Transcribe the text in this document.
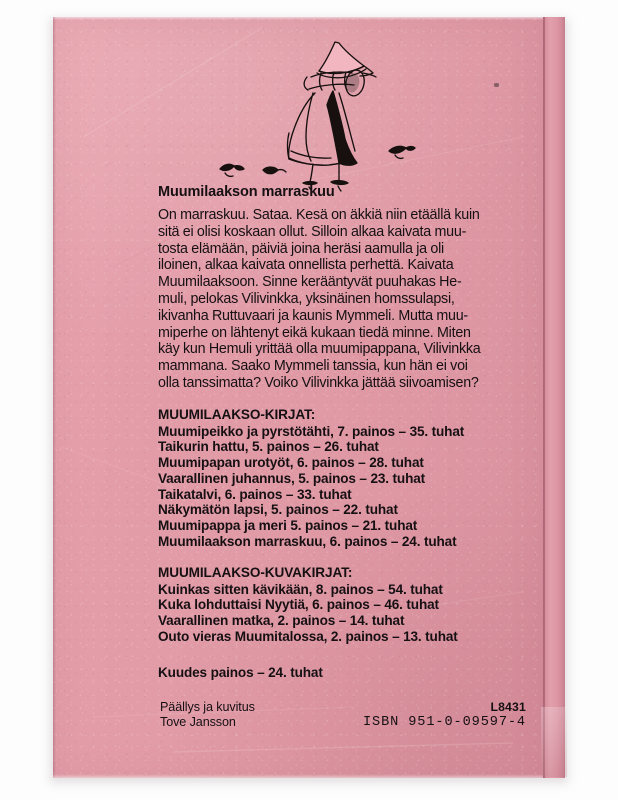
Muumilaakson marraskuu
On marraskuu. Sataa. Kesä on äkkiä niin etäällä kuin
sitä ei olisi koskaan ollut. Silloin alkaa kaivata muu-
tosta elämään, päiviä joina heräsi aamulla ja oli
iloinen, alkaa kaivata onnellista perhettä. Kaivata
Muumilaaksoon. Sinne kerääntyvät puuhakas He-
muli, pelokas Vilivinkka, yksinäinen homssulapsi,
ikivanha Ruttuvaari ja kaunis Mymmeli. Mutta muu-
miperhe on lähtenyt eikä kukaan tiedä minne. Miten
käy kun Hemuli yrittää olla muumipappana, Vilivinkka
mammana. Saako Mymmeli tanssia, kun hän ei voi
olla tanssimatta? Voiko Vilivinkka jättää siivoamisen?
MUUMILAAKSO-KIRJAT:
Muumipeikko ja pyrstötähti, 7. painos – 35. tuhat
Taikurin hattu, 5. painos – 26. tuhat
Muumipapan urotyöt, 6. painos – 28. tuhat
Vaarallinen juhannus, 5. painos – 23. tuhat
Taikatalvi, 6. painos – 33. tuhat
Näkymätön lapsi, 5. painos – 22. tuhat
Muumipappa ja meri 5. painos – 21. tuhat
Muumilaakson marraskuu, 6. painos – 24. tuhat
MUUMILAAKSO-KUVAKIRJAT:
Kuinkas sitten kävikään, 8. painos – 54. tuhat
Kuka lohduttaisi Nyytiä, 6. painos – 46. tuhat
Vaarallinen matka, 2. painos – 14. tuhat
Outo vieras Muumitalossa, 2. painos – 13. tuhat
Kuudes painos – 24. tuhat
Päällys ja kuvitus
Tove Jansson
L8431
ISBN 951-0-09597-4
